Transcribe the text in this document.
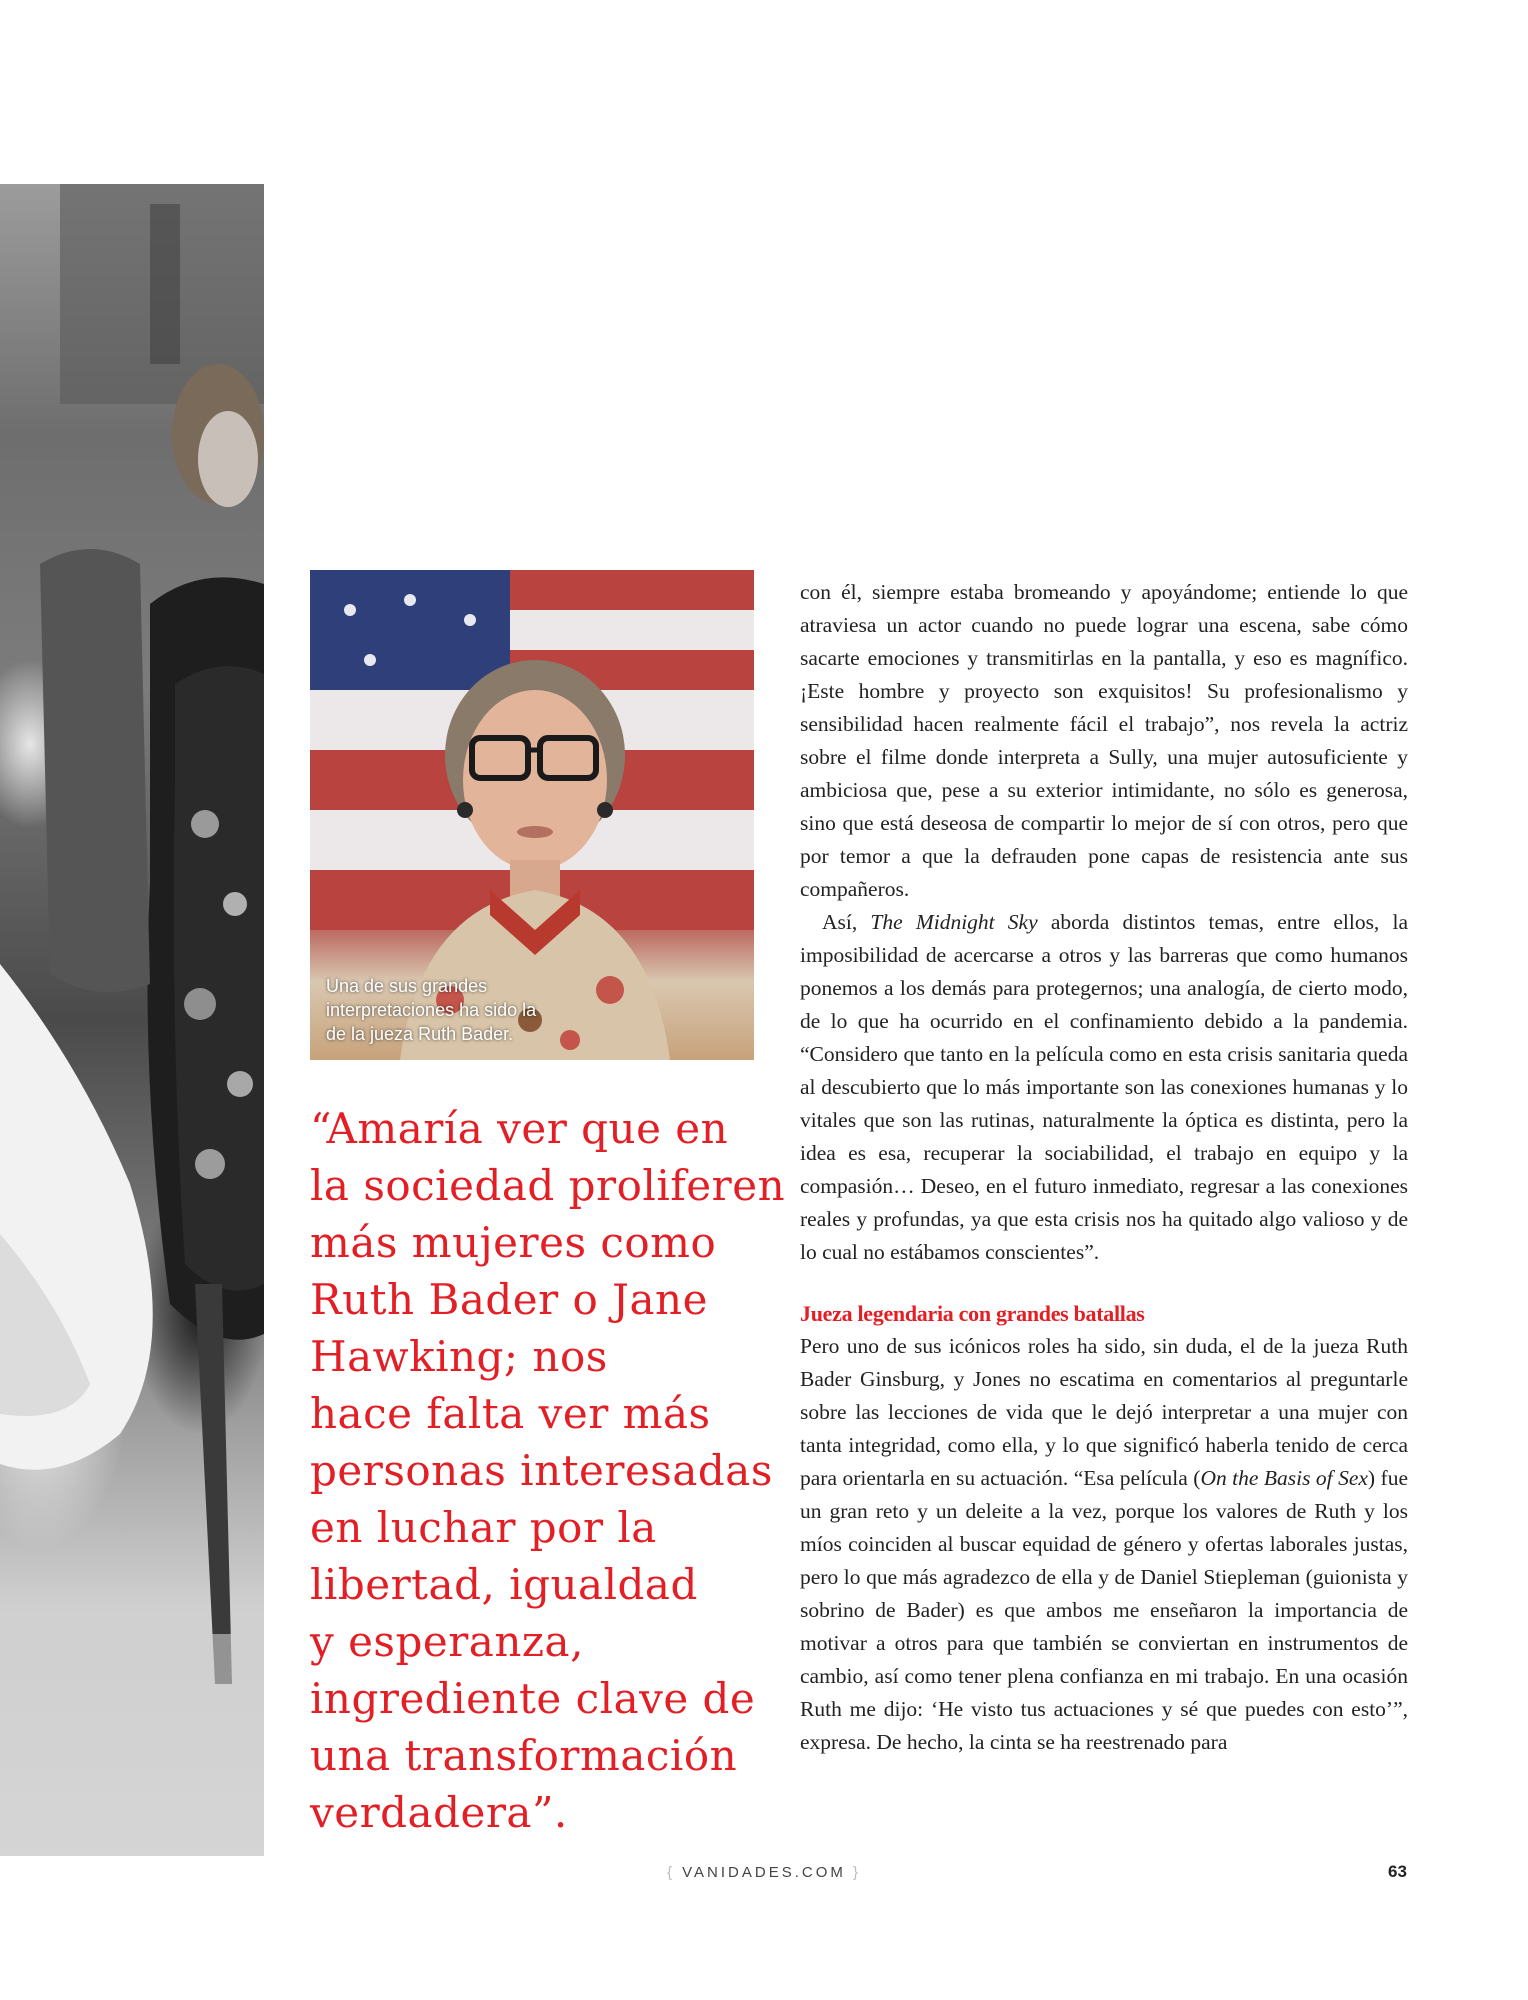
Una de sus grandes
interpretaciones ha sido la
de la jueza Ruth Bader.

“Amaría ver que en

la sociedad proliferen

más mujeres como

Ruth Bader o Jane

Hawking; nos

hace falta ver más

personas interesadas

en luchar por la

libertad, igualdad

y esperanza,

ingrediente clave de

una transformación

verdadera”.

con él, siempre estaba bromeando y apoyándome; entiende lo que atraviesa un actor cuando no puede lograr una escena, sabe cómo sacarte emociones y transmitirlas en la pantalla, y eso es magnífico. ¡Este hombre y proyecto son exquisitos! Su profesionalismo y sensibilidad hacen realmente fácil el trabajo”, nos revela la actriz sobre el filme donde interpreta a Sully, una mujer autosuficiente y ambiciosa que, pese a su exterior intimidante, no sólo es generosa, sino que está deseosa de compartir lo mejor de sí con otros, pero que por temor a que la defrauden pone capas de resistencia ante sus compañeros.

Así, The Midnight Sky aborda distintos temas, entre ellos, la imposibilidad de acercarse a otros y las barreras que como humanos ponemos a los demás para protegernos; una analogía, de cierto modo, de lo que ha ocurrido en el confinamiento debido a la pandemia. “Considero que tanto en la película como en esta crisis sanitaria queda al descubierto que lo más importante son las conexiones humanas y lo vitales que son las rutinas, naturalmente la óptica es distinta, pero la idea es esa, recuperar la sociabilidad, el trabajo en equipo y la compasión… Deseo, en el futuro inmediato, regresar a las conexiones reales y profundas, ya que esta crisis nos ha quitado algo valioso y de lo cual no estábamos conscientes”.

Jueza legendaria con grandes batallas

Pero uno de sus icónicos roles ha sido, sin duda, el de la jueza Ruth Bader Ginsburg, y Jones no escatima en comentarios al preguntarle sobre las lecciones de vida que le dejó interpretar a una mujer con tanta integridad, como ella, y lo que significó haberla tenido de cerca para orientarla en su actuación. “Esa película (On the Basis of Sex) fue un gran reto y un deleite a la vez, porque los valores de Ruth y los míos coinciden al buscar equidad de género y ofertas laborales justas, pero lo que más agradezco de ella y de Daniel Stiepleman (guionista y sobrino de Bader) es que ambos me enseñaron la importancia de motivar a otros para que también se conviertan en instrumentos de cambio, así como tener plena confianza en mi trabajo. En una ocasión Ruth me dijo: ‘He visto tus actuaciones y sé que puedes con esto’”, expresa. De hecho, la cinta se ha reestrenado para

{ VANIDADES.COM }	63
